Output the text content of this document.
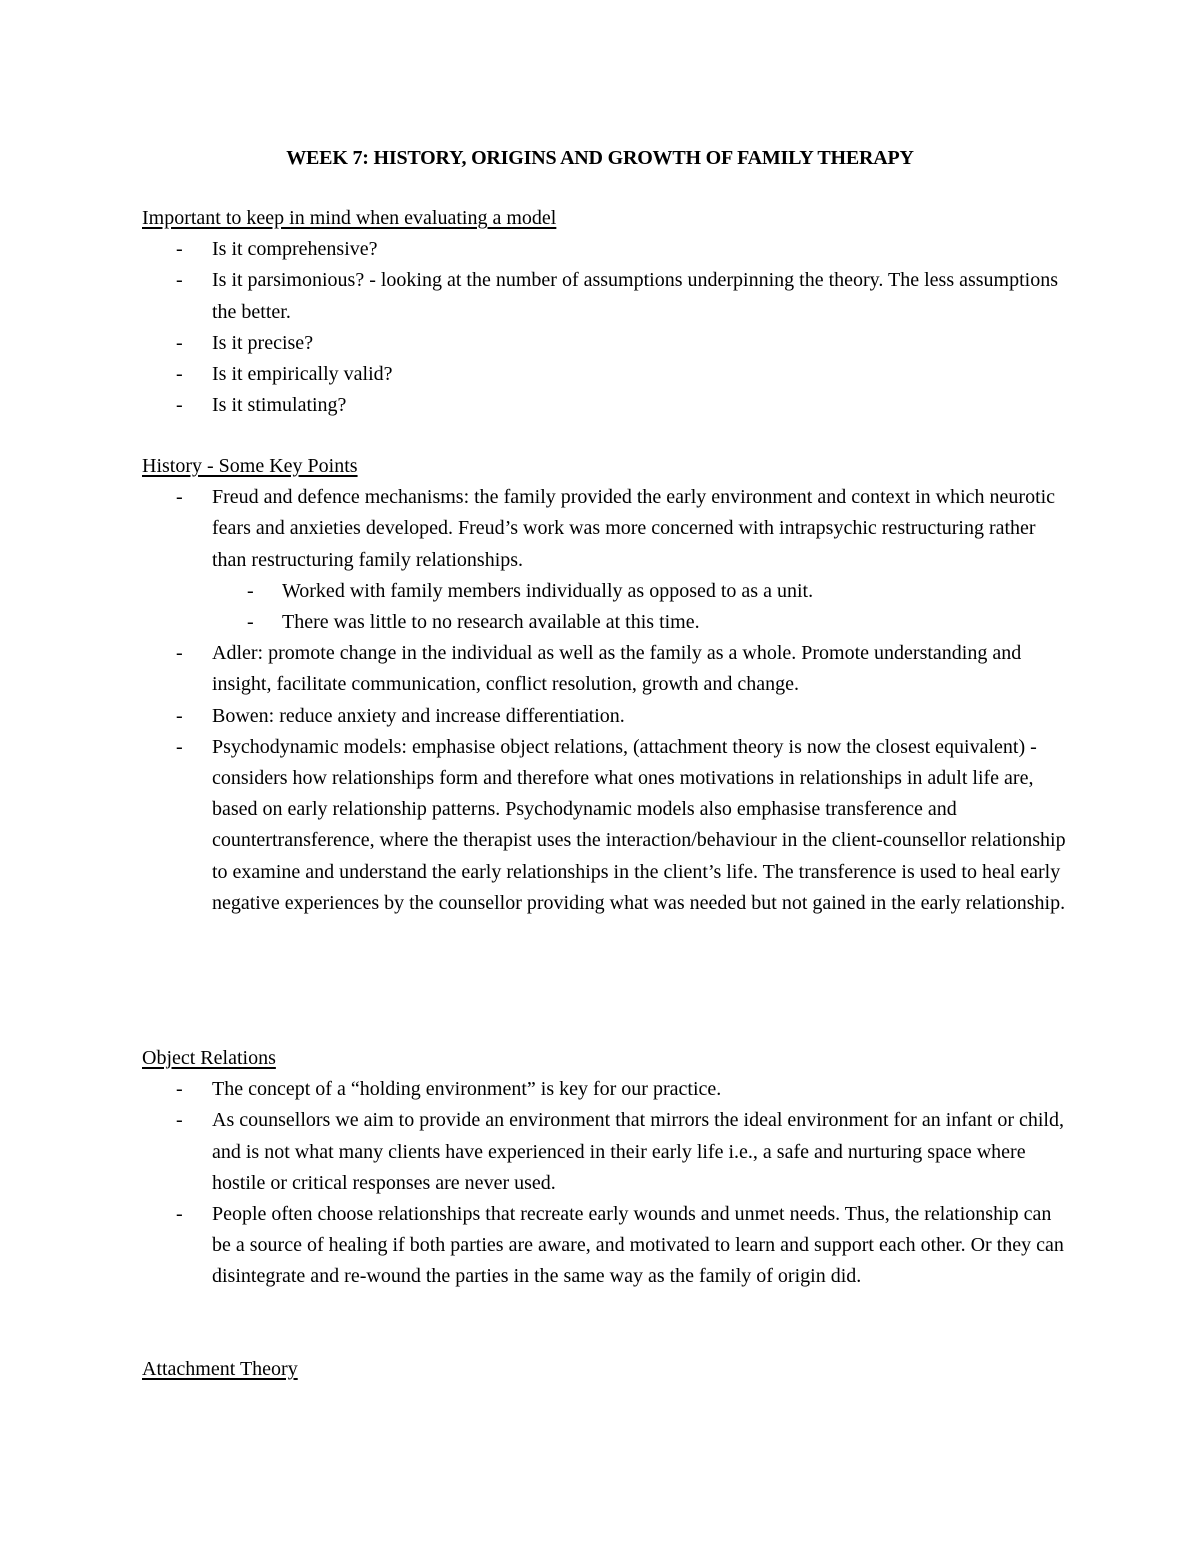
WEEK 7: HISTORY, ORIGINS AND GROWTH OF FAMILY THERAPY
Important to keep in mind when evaluating a model
- Is it comprehensive?
- Is it parsimonious? - looking at the number of assumptions underpinning the theory. The less assumptions the better.
- Is it precise?
- Is it empirically valid?
- Is it stimulating?
History - Some Key Points
- Freud and defence mechanisms: the family provided the early environment and context in which neurotic fears and anxieties developed. Freud’s work was more concerned with intrapsychic restructuring rather than restructuring family relationships.
- Worked with family members individually as opposed to as a unit.
- There was little to no research available at this time.
- Adler: promote change in the individual as well as the family as a whole. Promote understanding and insight, facilitate communication, conflict resolution, growth and change.
- Bowen: reduce anxiety and increase differentiation.
- Psychodynamic models: emphasise object relations, (attachment theory is now the closest equivalent) - considers how relationships form and therefore what ones motivations in relationships in adult life are, based on early relationship patterns. Psychodynamic models also emphasise transference and countertransference, where the therapist uses the interaction/behaviour in the client-counsellor relationship to examine and understand the early relationships in the client’s life. The transference is used to heal early negative experiences by the counsellor providing what was needed but not gained in the early relationship.
Object Relations
- The concept of a “holding environment” is key for our practice.
- As counsellors we aim to provide an environment that mirrors the ideal environment for an infant or child, and is not what many clients have experienced in their early life i.e., a safe and nurturing space where hostile or critical responses are never used.
- People often choose relationships that recreate early wounds and unmet needs. Thus, the relationship can be a source of healing if both parties are aware, and motivated to learn and support each other. Or they can disintegrate and re-wound the parties in the same way as the family of origin did.
Attachment Theory
